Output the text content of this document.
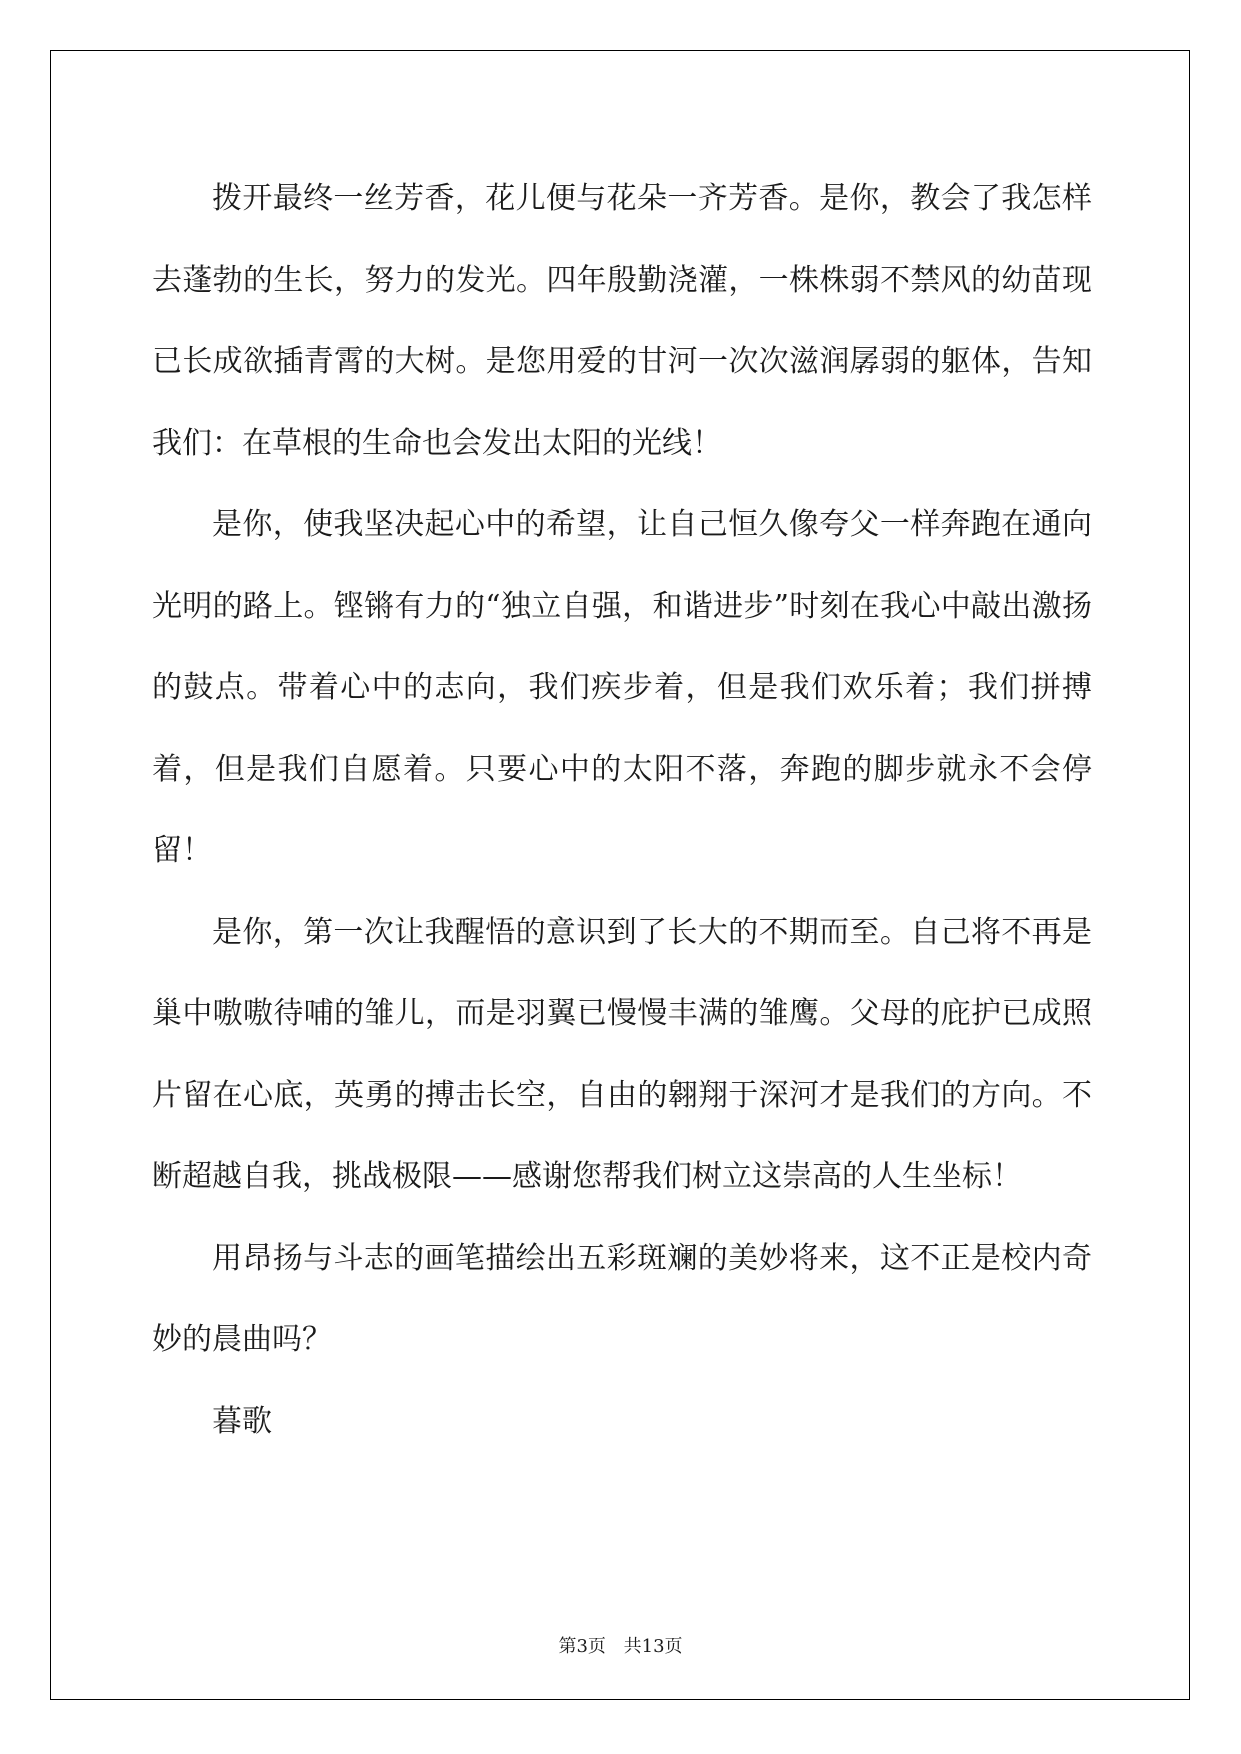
拨开最终一丝芳香，花儿便与花朵一齐芳香。是你，教会了我怎样去蓬勃的生长，努力的发光。四年殷勤浇灌，一株株弱不禁风的幼苗现已长成欲插青霄的大树。是您用爱的甘河一次次滋润孱弱的躯体，告知我们：在草根的生命也会发出太阳的光线！

是你，使我坚决起心中的希望，让自己恒久像夸父一样奔跑在通向光明的路上。铿锵有力的“独立自强，和谐进步”时刻在我心中敲出激扬的鼓点。带着心中的志向，我们疾步着，但是我们欢乐着；我们拼搏着，但是我们自愿着。只要心中的太阳不落，奔跑的脚步就永不会停留！

是你，第一次让我醒悟的意识到了长大的不期而至。自己将不再是巢中嗷嗷待哺的雏儿，而是羽翼已慢慢丰满的雏鹰。父母的庇护已成照片留在心底，英勇的搏击长空，自由的翱翔于深河才是我们的方向。不断超越自我，挑战极限——感谢您帮我们树立这崇高的人生坐标！

用昂扬与斗志的画笔描绘出五彩斑斓的美妙将来，这不正是校内奇妙的晨曲吗？

暮歌

第3页 共13页
